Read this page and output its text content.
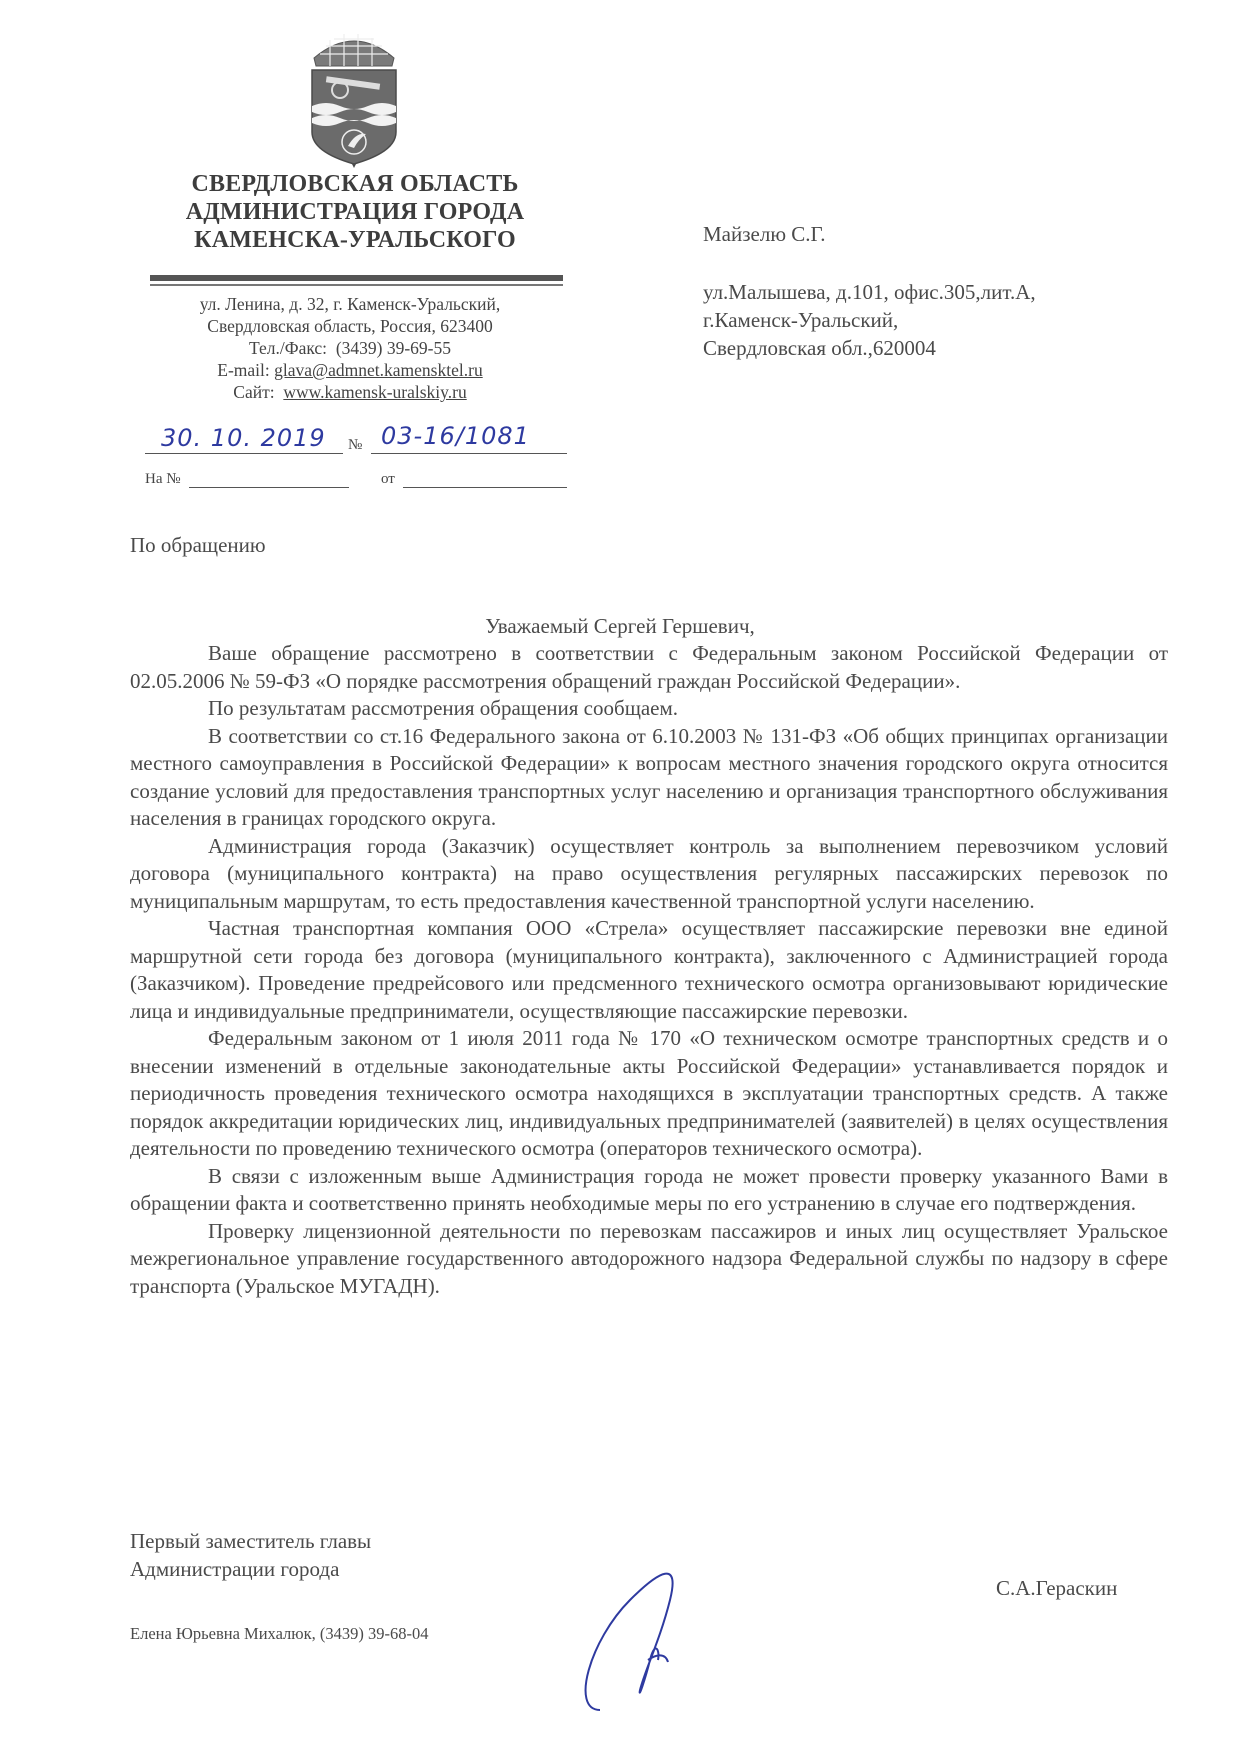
СВЕРДЛОВСКАЯ ОБЛАСТЬ
АДМИНИСТРАЦИЯ ГОРОДА
КАМЕНСКА-УРАЛЬСКОГО
ул. Ленина, д. 32, г. Каменск-Уральский,
Свердловская область, Россия, 623400
Тел./Факс: (3439) 39-69-55
E-mail: glava@admnet.kamensktel.ru
Сайт: www.kamensk-uralskiy.ru
30. 10. 2019 № 03-16/1081
На №	от
Майзелю С.Г.
ул.Малышева, д.101, офис.305,лит.А,
г.Каменск-Уральский,
Свердловская обл.,620004
По обращению
Уважаемый Сергей Гершевич,

Ваше обращение рассмотрено в соответствии с Федеральным законом Российской Федерации от 02.05.2006 № 59-ФЗ «О порядке рассмотрения обращений граждан Российской Федерации».

По результатам рассмотрения обращения сообщаем.

В соответствии со ст.16 Федерального закона от 6.10.2003 № 131-ФЗ «Об общих принципах организации местного самоуправления в Российской Федерации» к вопросам местного значения городского округа относится создание условий для предоставления транспортных услуг населению и организация транспортного обслуживания населения в границах городского округа.

Администрация города (Заказчик) осуществляет контроль за выполнением перевозчиком условий договора (муниципального контракта) на право осуществления регулярных пассажирских перевозок по муниципальным маршрутам, то есть предоставления качественной транспортной услуги населению.

Частная транспортная компания ООО «Стрела» осуществляет пассажирские перевозки вне единой маршрутной сети города без договора (муниципального контракта), заключенного с Администрацией города (Заказчиком). Проведение предрейсового или предсменного технического осмотра организовывают юридические лица и индивидуальные предприниматели, осуществляющие пассажирские перевозки.

Федеральным законом от 1 июля 2011 года № 170 «О техническом осмотре транспортных средств и о внесении изменений в отдельные законодательные акты Российской Федерации» устанавливается порядок и периодичность проведения технического осмотра находящихся в эксплуатации транспортных средств. А также порядок аккредитации юридических лиц, индивидуальных предпринимателей (заявителей) в целях осуществления деятельности по проведению технического осмотра (операторов технического осмотра).

В связи с изложенным выше Администрация города не может провести проверку указанного Вами в обращении факта и соответственно принять необходимые меры по его устранению в случае его подтверждения.

Проверку лицензионной деятельности по перевозкам пассажиров и иных лиц осуществляет Уральское межрегиональное управление государственного автодорожного надзора Федеральной службы по надзору в сфере транспорта (Уральское МУГАДН).

Первый заместитель главы
Администрации города
С.А.Гераскин
Елена Юрьевна Михалюк, (3439) 39-68-04
